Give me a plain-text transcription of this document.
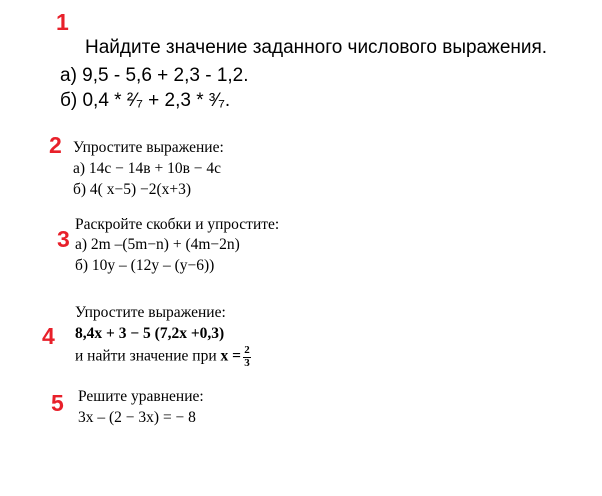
1
Найдите значение заданного числового выражения.
а) 9,5 - 5,6 + 2,3 - 1,2.
б) 0,4 * ²⁄₇ + 2,3 * ³⁄₇.
2 Упростите выражение:
а) 14с − 14в + 10в − 4с
б) 4( х−5) −2(х+3)
Раскройте скобки и упростите:
3 а) 2m –(5m−n) + (4m−2n)
б) 10y – (12y – (y−6))
Упростите выражение:
4 8,4x + 3 − 5 (7,2x +0,3)
и найти значение при $x = \frac{2}{3}$
Решите уравнение:
5
3x – (2 − 3x) = − 8
